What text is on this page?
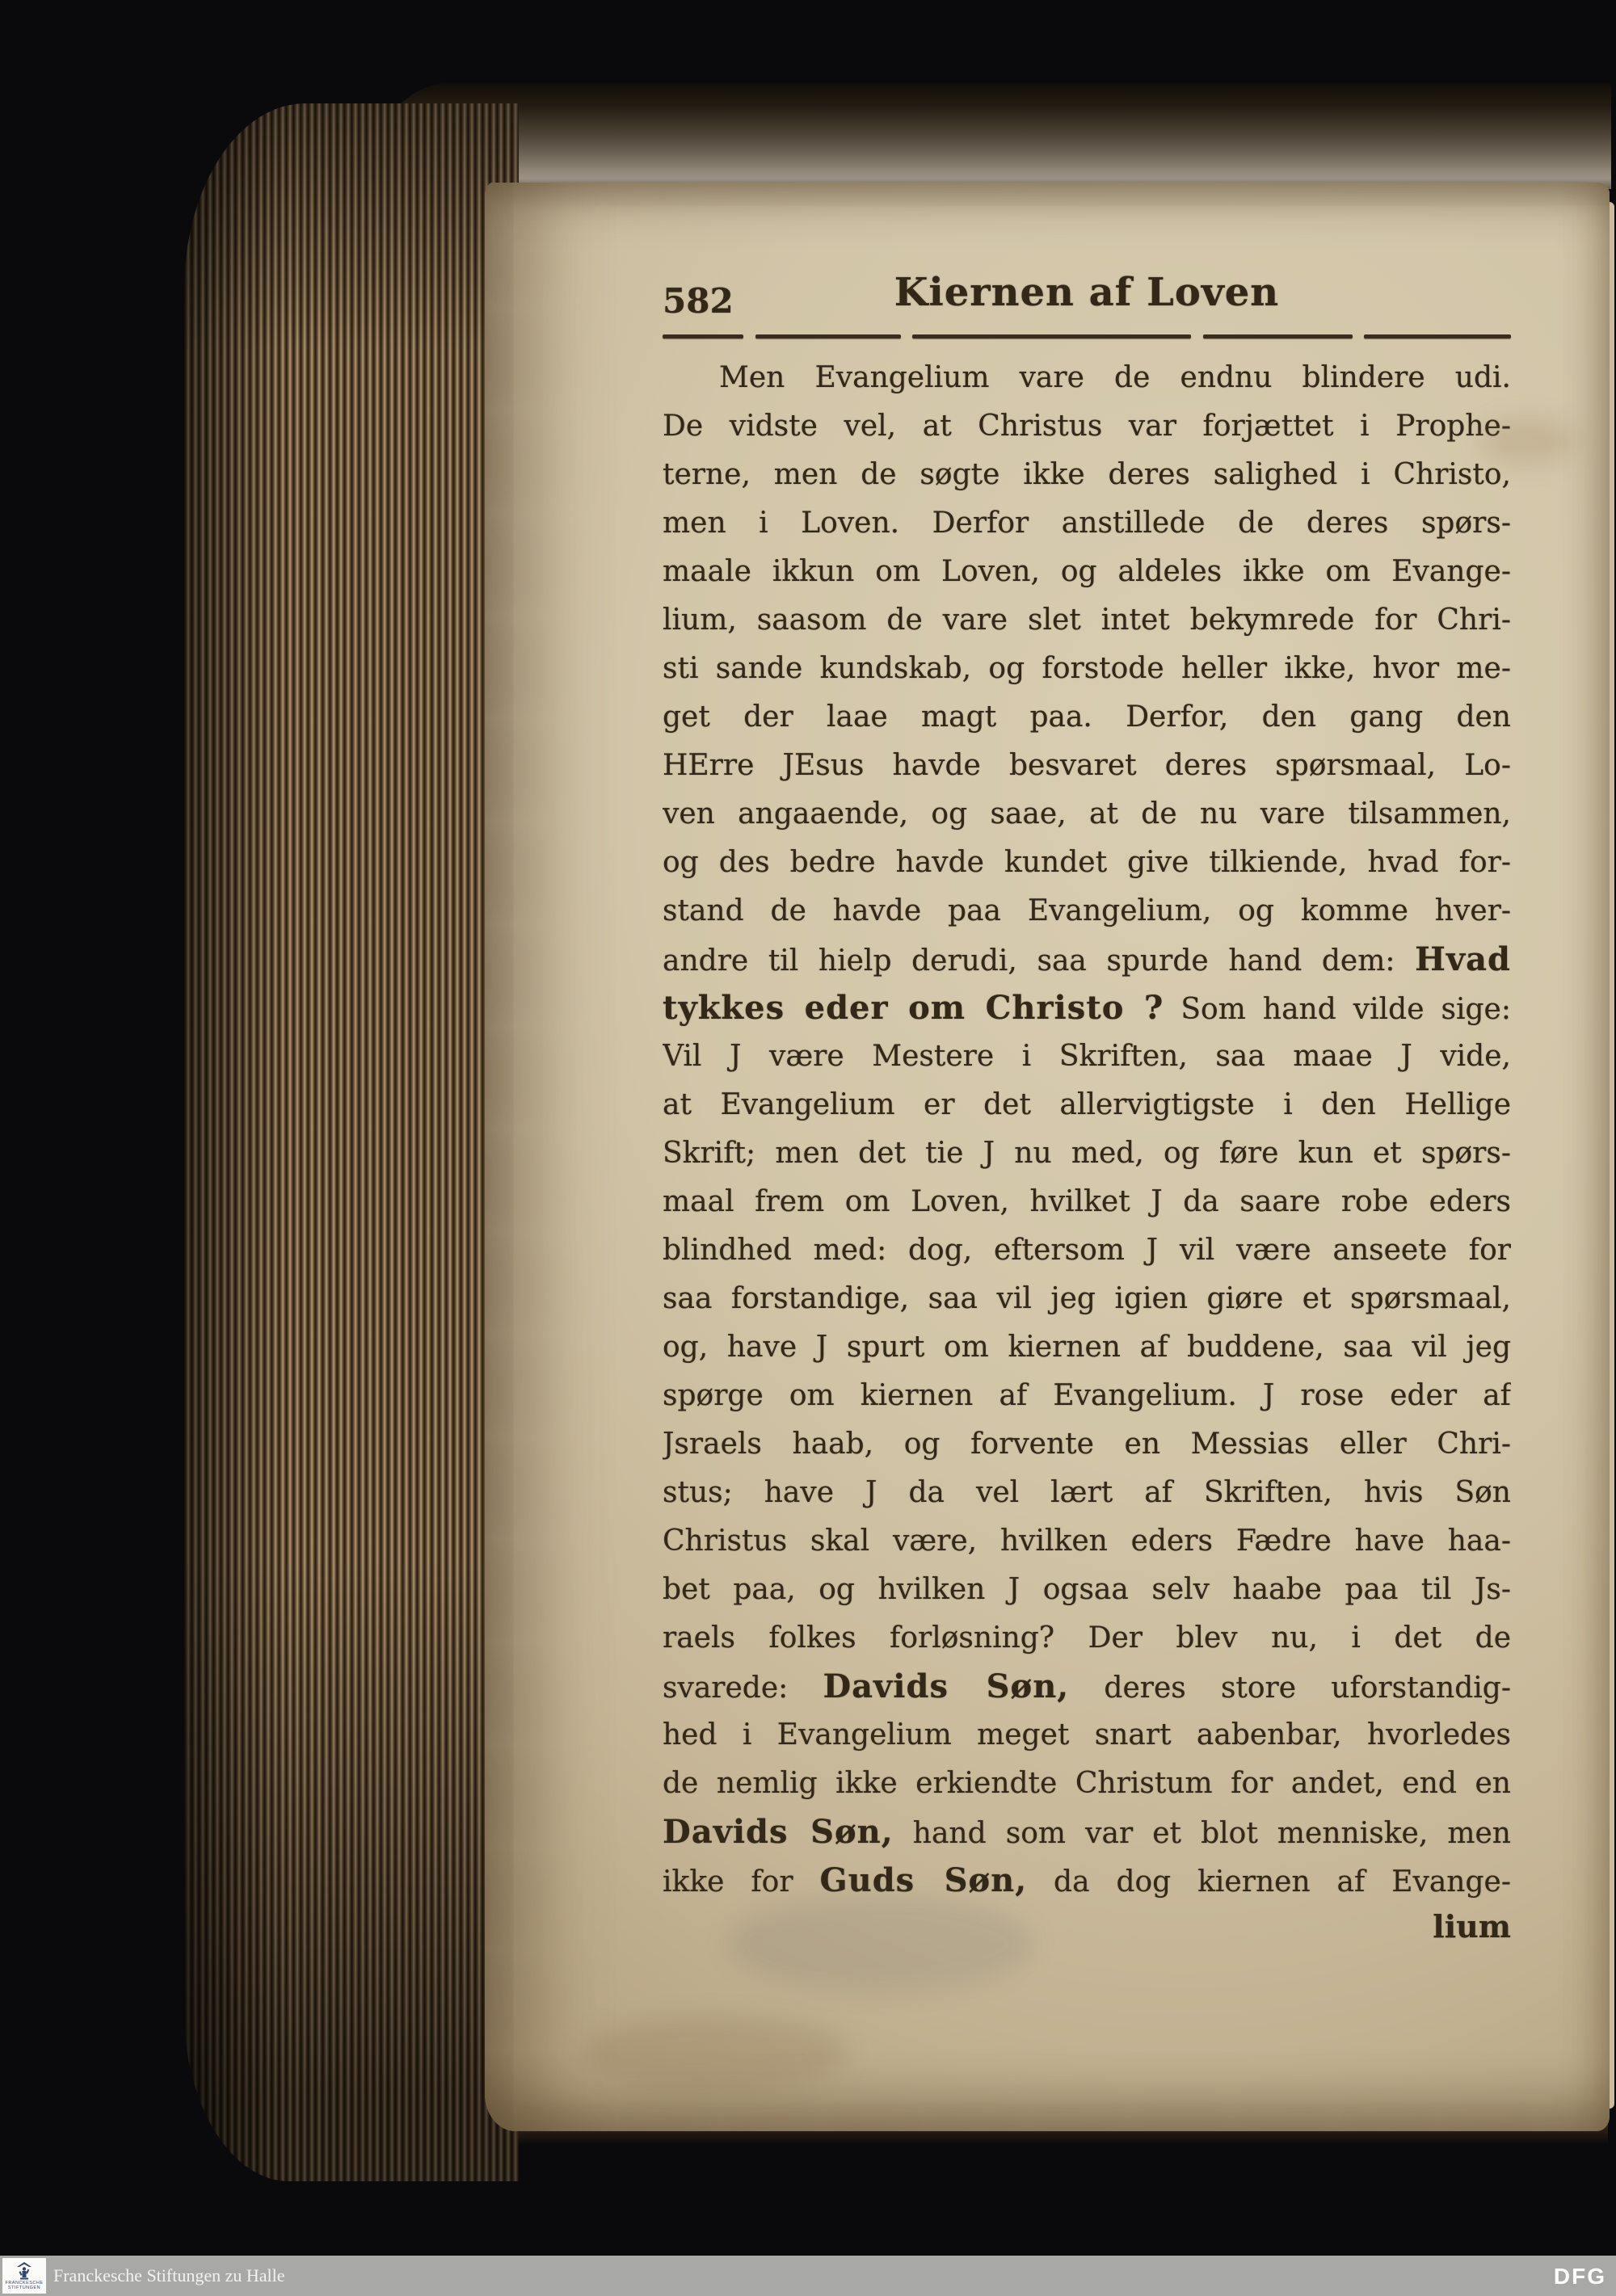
582	Kiernen af Loven
Men Evangelium vare de endnu blindere udi.
De vidste vel, at Christus var forjættet i Prophe-
terne, men de søgte ikke deres salighed i Christo,
men i Loven. Derfor anstillede de deres spørs-
maale ikkun om Loven, og aldeles ikke om Evange-
lium, saasom de vare slet intet bekymrede for Chri-
sti sande kundskab, og forstode heller ikke, hvor me-
get der laae magt paa. Derfor, den gang den
HErre JEsus havde besvaret deres spørsmaal, Lo-
ven angaaende, og saae, at de nu vare tilsammen,
og des bedre havde kundet give tilkiende, hvad for-
stand de havde paa Evangelium, og komme hver-
andre til hielp derudi, saa spurde hand dem: Hvad
tykkes eder om Christo ? Som hand vilde sige:
Vil J være Mestere i Skriften, saa maae J vide,
at Evangelium er det allervigtigste i den Hellige
Skrift; men det tie J nu med, og føre kun et spørs-
maal frem om Loven, hvilket J da saare robe eders
blindhed med: dog, eftersom J vil være anseete for
saa forstandige, saa vil jeg igien giøre et spørsmaal,
og, have J spurt om kiernen af buddene, saa vil jeg
spørge om kiernen af Evangelium. J rose eder af
Jsraels haab, og forvente en Messias eller Chri-
stus; have J da vel lært af Skriften, hvis Søn
Christus skal være, hvilken eders Fædre have haa-
bet paa, og hvilken J ogsaa selv haabe paa til Js-
raels folkes forløsning? Der blev nu, i det de
svarede: Davids Søn, deres store uforstandig-
hed i Evangelium meget snart aabenbar, hvorledes
de nemlig ikke erkiendte Christum for andet, end en
Davids Søn, hand som var et blot menniske, men
ikke for Guds Søn, da dog kiernen af Evange-
lium
FRANCKESCHE
STIFTUNGEN
Franckesche Stiftungen zu Halle	DFG
